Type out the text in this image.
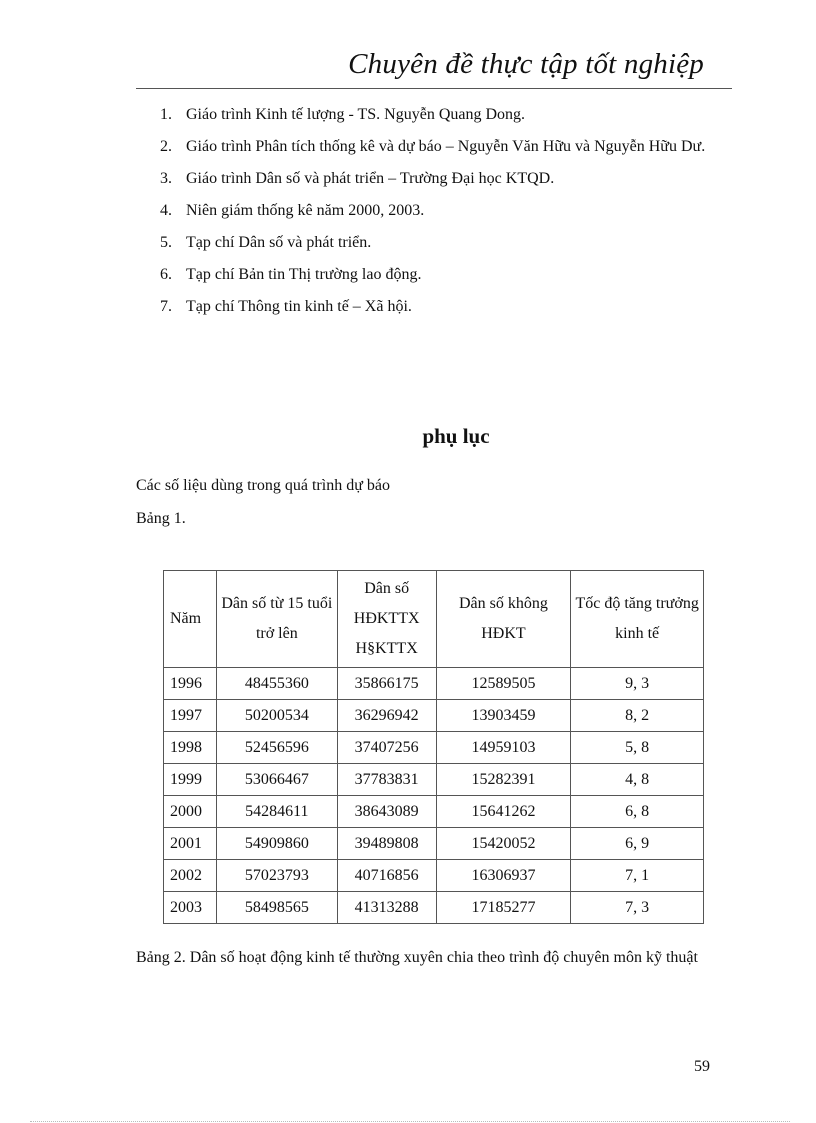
Chuyên đề thực tập tốt nghiệp
1. Giáo trình Kinh tế lượng - TS. Nguyễn Quang Dong.
2. Giáo trình Phân tích thống kê và dự báo – Nguyễn Văn Hữu và Nguyễn Hữu Dư.
3. Giáo trình Dân số và phát triển – Trường Đại học KTQD.
4. Niên giám thống kê năm 2000, 2003.
5. Tạp chí Dân số và phát triển.
6. Tạp chí Bản tin Thị trường lao động.
7. Tạp chí Thông tin kinh tế – Xã hội.
phụ lục
Các số liệu dùng trong quá trình dự báo
Bảng 1.
Năm	Dân số từ 15 tuổi trở lên	Dân số HĐKTTX H§KTTX	Dân số không HĐKT	Tốc độ tăng trưởng kinh tế
1996	48455360	35866175	12589505	9, 3
1997	50200534	36296942	13903459	8, 2
1998	52456596	37407256	14959103	5, 8
1999	53066467	37783831	15282391	4, 8
2000	54284611	38643089	15641262	6, 8
2001	54909860	39489808	15420052	6, 9
2002	57023793	40716856	16306937	7, 1
2003	58498565	41313288	17185277	7, 3
Bảng 2. Dân số hoạt động kinh tế thường xuyên chia theo trình độ chuyên môn kỹ thuật
59
